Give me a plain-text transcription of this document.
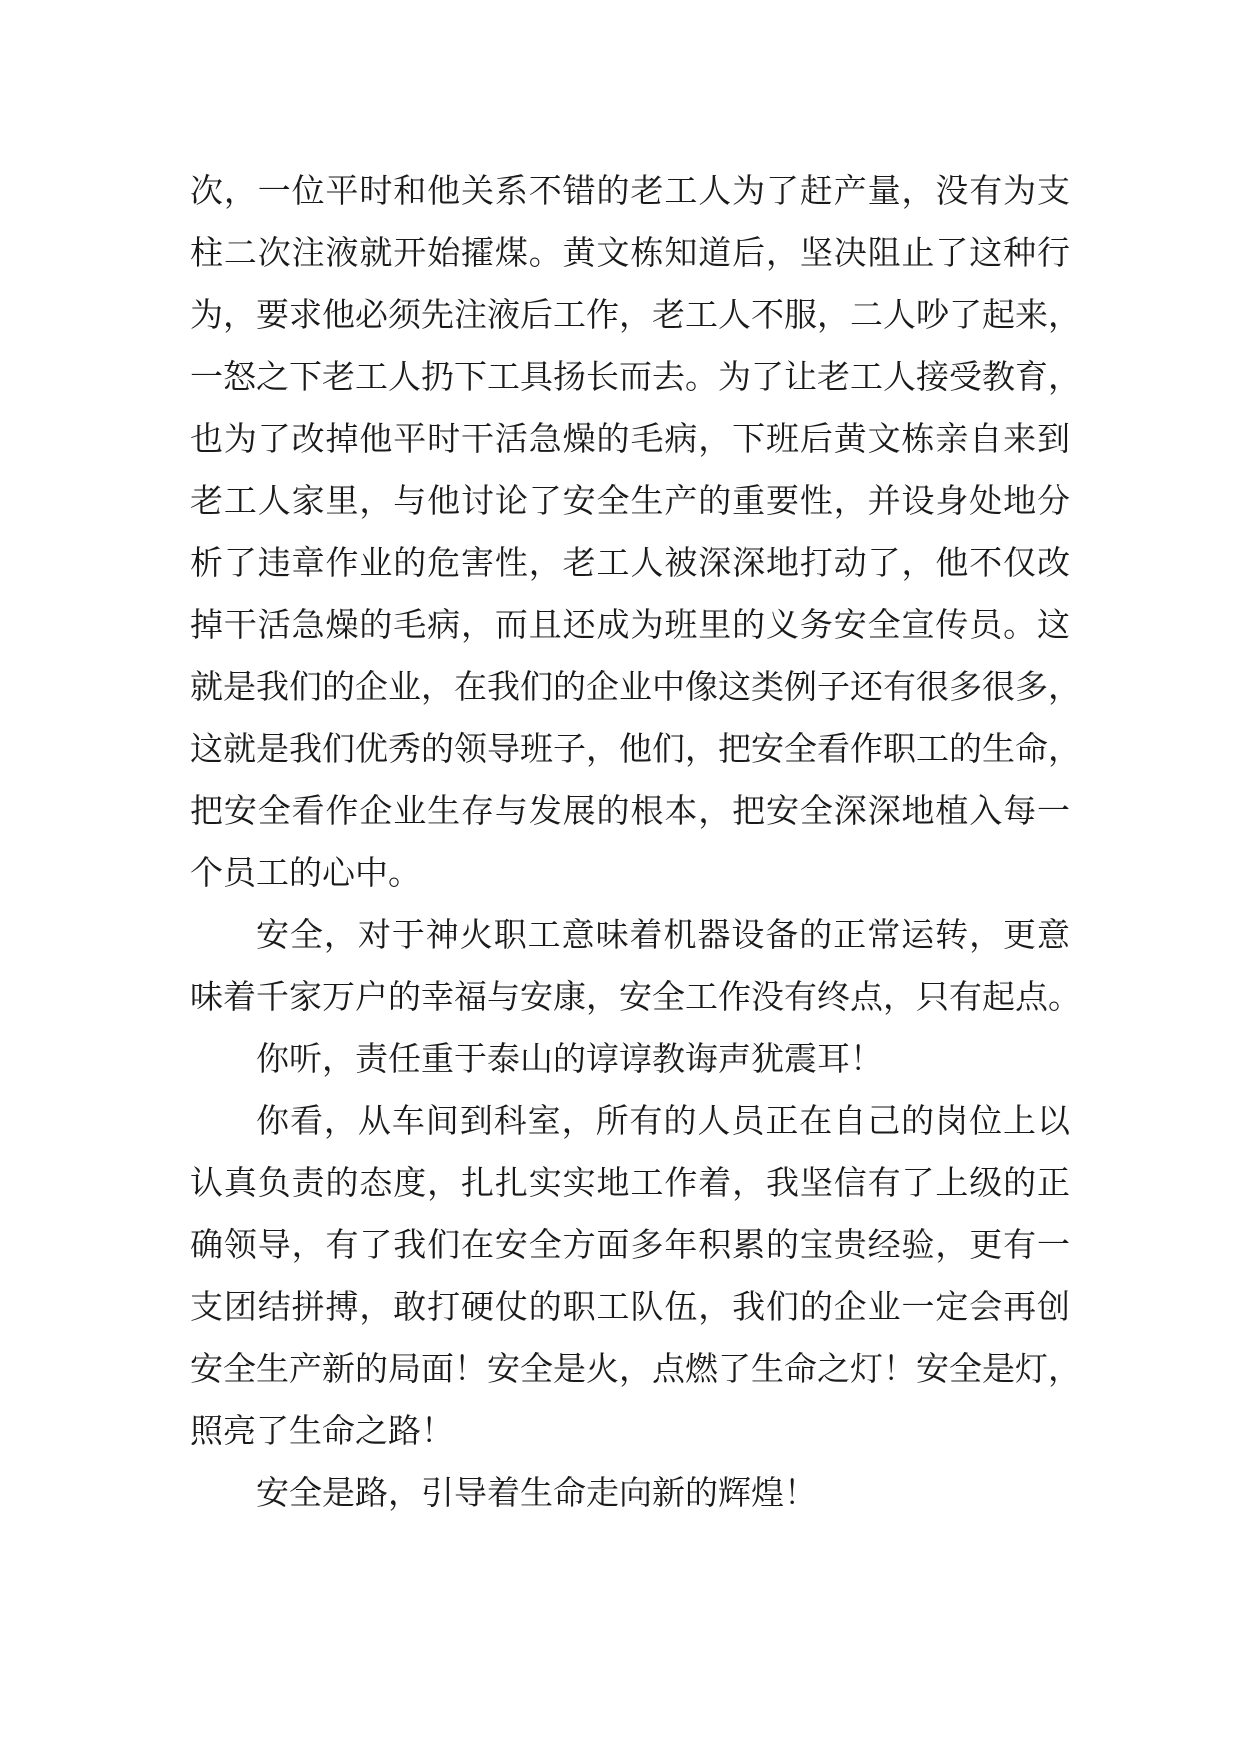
次，一位平时和他关系不错的老工人为了赶产量，没有为支
柱二次注液就开始攉煤。黄文栋知道后，坚决阻止了这种行
为，要求他必须先注液后工作，老工人不服，二人吵了起来，
一怒之下老工人扔下工具扬长而去。为了让老工人接受教育，
也为了改掉他平时干活急燥的毛病，下班后黄文栋亲自来到
老工人家里，与他讨论了安全生产的重要性，并设身处地分
析了违章作业的危害性，老工人被深深地打动了，他不仅改
掉干活急燥的毛病，而且还成为班里的义务安全宣传员。这
就是我们的企业，在我们的企业中像这类例子还有很多很多，
这就是我们优秀的领导班子，他们，把安全看作职工的生命，
把安全看作企业生存与发展的根本，把安全深深地植入每一
个员工的心中。
安全，对于神火职工意味着机器设备的正常运转，更意
味着千家万户的幸福与安康，安全工作没有终点，只有起点。
你听，责任重于泰山的谆谆教诲声犹震耳！
你看，从车间到科室，所有的人员正在自己的岗位上以
认真负责的态度，扎扎实实地工作着，我坚信有了上级的正
确领导，有了我们在安全方面多年积累的宝贵经验，更有一
支团结拼搏，敢打硬仗的职工队伍，我们的企业一定会再创
安全生产新的局面！安全是火，点燃了生命之灯！安全是灯，
照亮了生命之路！
安全是路，引导着生命走向新的辉煌！
